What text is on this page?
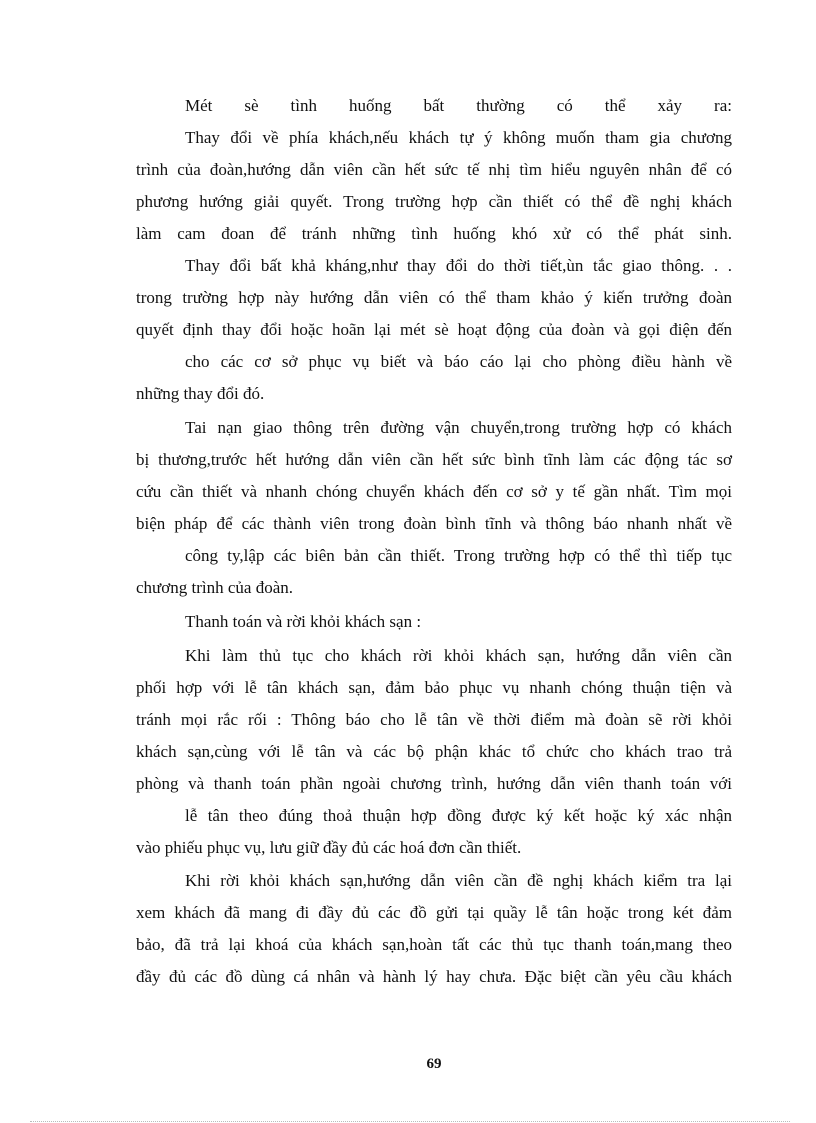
Mét sè tình huống bất thường có thể xảy ra:
Thay đổi về phía khách,nếu khách tự ý không muốn tham gia chương
trình của đoàn,hướng dẫn viên cần hết sức tế nhị tìm hiểu nguyên nhân để có
phương hướng giải quyết. Trong trường hợp cần thiết có thể đề nghị khách
làm cam đoan để tránh những tình huống khó xử có thể phát sinh.
Thay đổi bất khả kháng,như thay đổi do thời tiết,ùn tắc giao thông. . .
trong trường hợp này hướng dẫn viên có thể tham khảo ý kiến trưởng đoàn
quyết định thay đổi hoặc hoãn lại mét sè hoạt động của đoàn và gọi điện đến
cho các cơ sở phục vụ biết và báo cáo lại cho phòng điều hành về
những thay đổi đó.
Tai nạn giao thông trên đường vận chuyển,trong trường hợp có khách
bị thương,trước hết hướng dẫn viên cần hết sức bình tĩnh làm các động tác sơ
cứu cần thiết và nhanh chóng chuyển khách đến cơ sở y tế gần nhất. Tìm mọi
biện pháp để các thành viên trong đoàn bình tĩnh và thông báo nhanh nhất về
công ty,lập các biên bản cần thiết. Trong trường hợp có thể thì tiếp tục
chương trình của đoàn.
Thanh toán và rời khỏi khách sạn :
Khi làm thủ tục cho khách rời khỏi khách sạn, hướng dẫn viên cần
phối hợp với lễ tân khách sạn, đảm bảo phục vụ nhanh chóng thuận tiện và
tránh mọi rắc rối : Thông báo cho lễ tân về thời điểm mà đoàn sẽ rời khỏi
khách sạn,cùng với lễ tân và các bộ phận khác tổ chức cho khách trao trả
phòng và thanh toán phần ngoài chương trình, hướng dẫn viên thanh toán với
lễ tân theo đúng thoả thuận hợp đồng được ký kết hoặc ký xác nhận
vào phiếu phục vụ, lưu giữ đầy đủ các hoá đơn cần thiết.
Khi rời khỏi khách sạn,hướng dẫn viên cần đề nghị khách kiểm tra lại
xem khách đã mang đi đầy đủ các đồ gửi tại quầy lễ tân hoặc trong két đảm
bảo, đã trả lại khoá của khách sạn,hoàn tất các thủ tục thanh toán,mang theo
đầy đủ các đồ dùng cá nhân và hành lý hay chưa. Đặc biệt cần yêu cầu khách
69
